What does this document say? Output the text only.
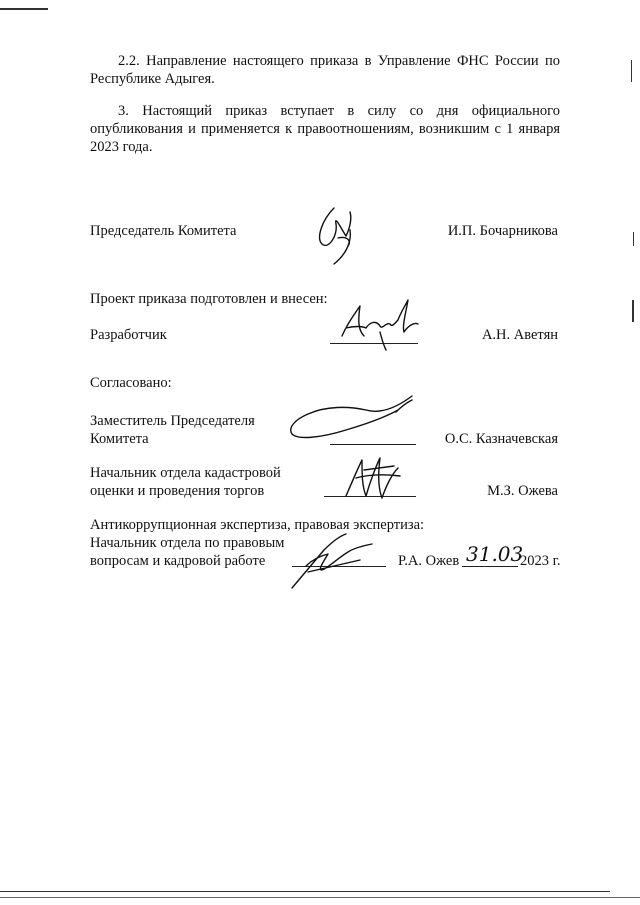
2.2. Направление настоящего приказа в Управление ФНС России по Республике Адыгея.
3. Настоящий приказ вступает в силу со дня официального опубликования и применяется к правоотношениям, возникшим с 1 января 2023 года.
Председатель Комитета	И.П. Бочарникова
Проект приказа подготовлен и внесен:
Разработчик	А.Н. Аветян
Согласовано:
Заместитель Председателя
Комитета	О.С. Казначевская
Начальник отдела кадастровой
оценки и проведения торгов	М.З. Ожева
Антикоррупционная экспертиза, правовая экспертиза:
Начальник отдела по правовым
вопросам и кадровой работе	Р.А. Ожев 31.03
2023 г.
